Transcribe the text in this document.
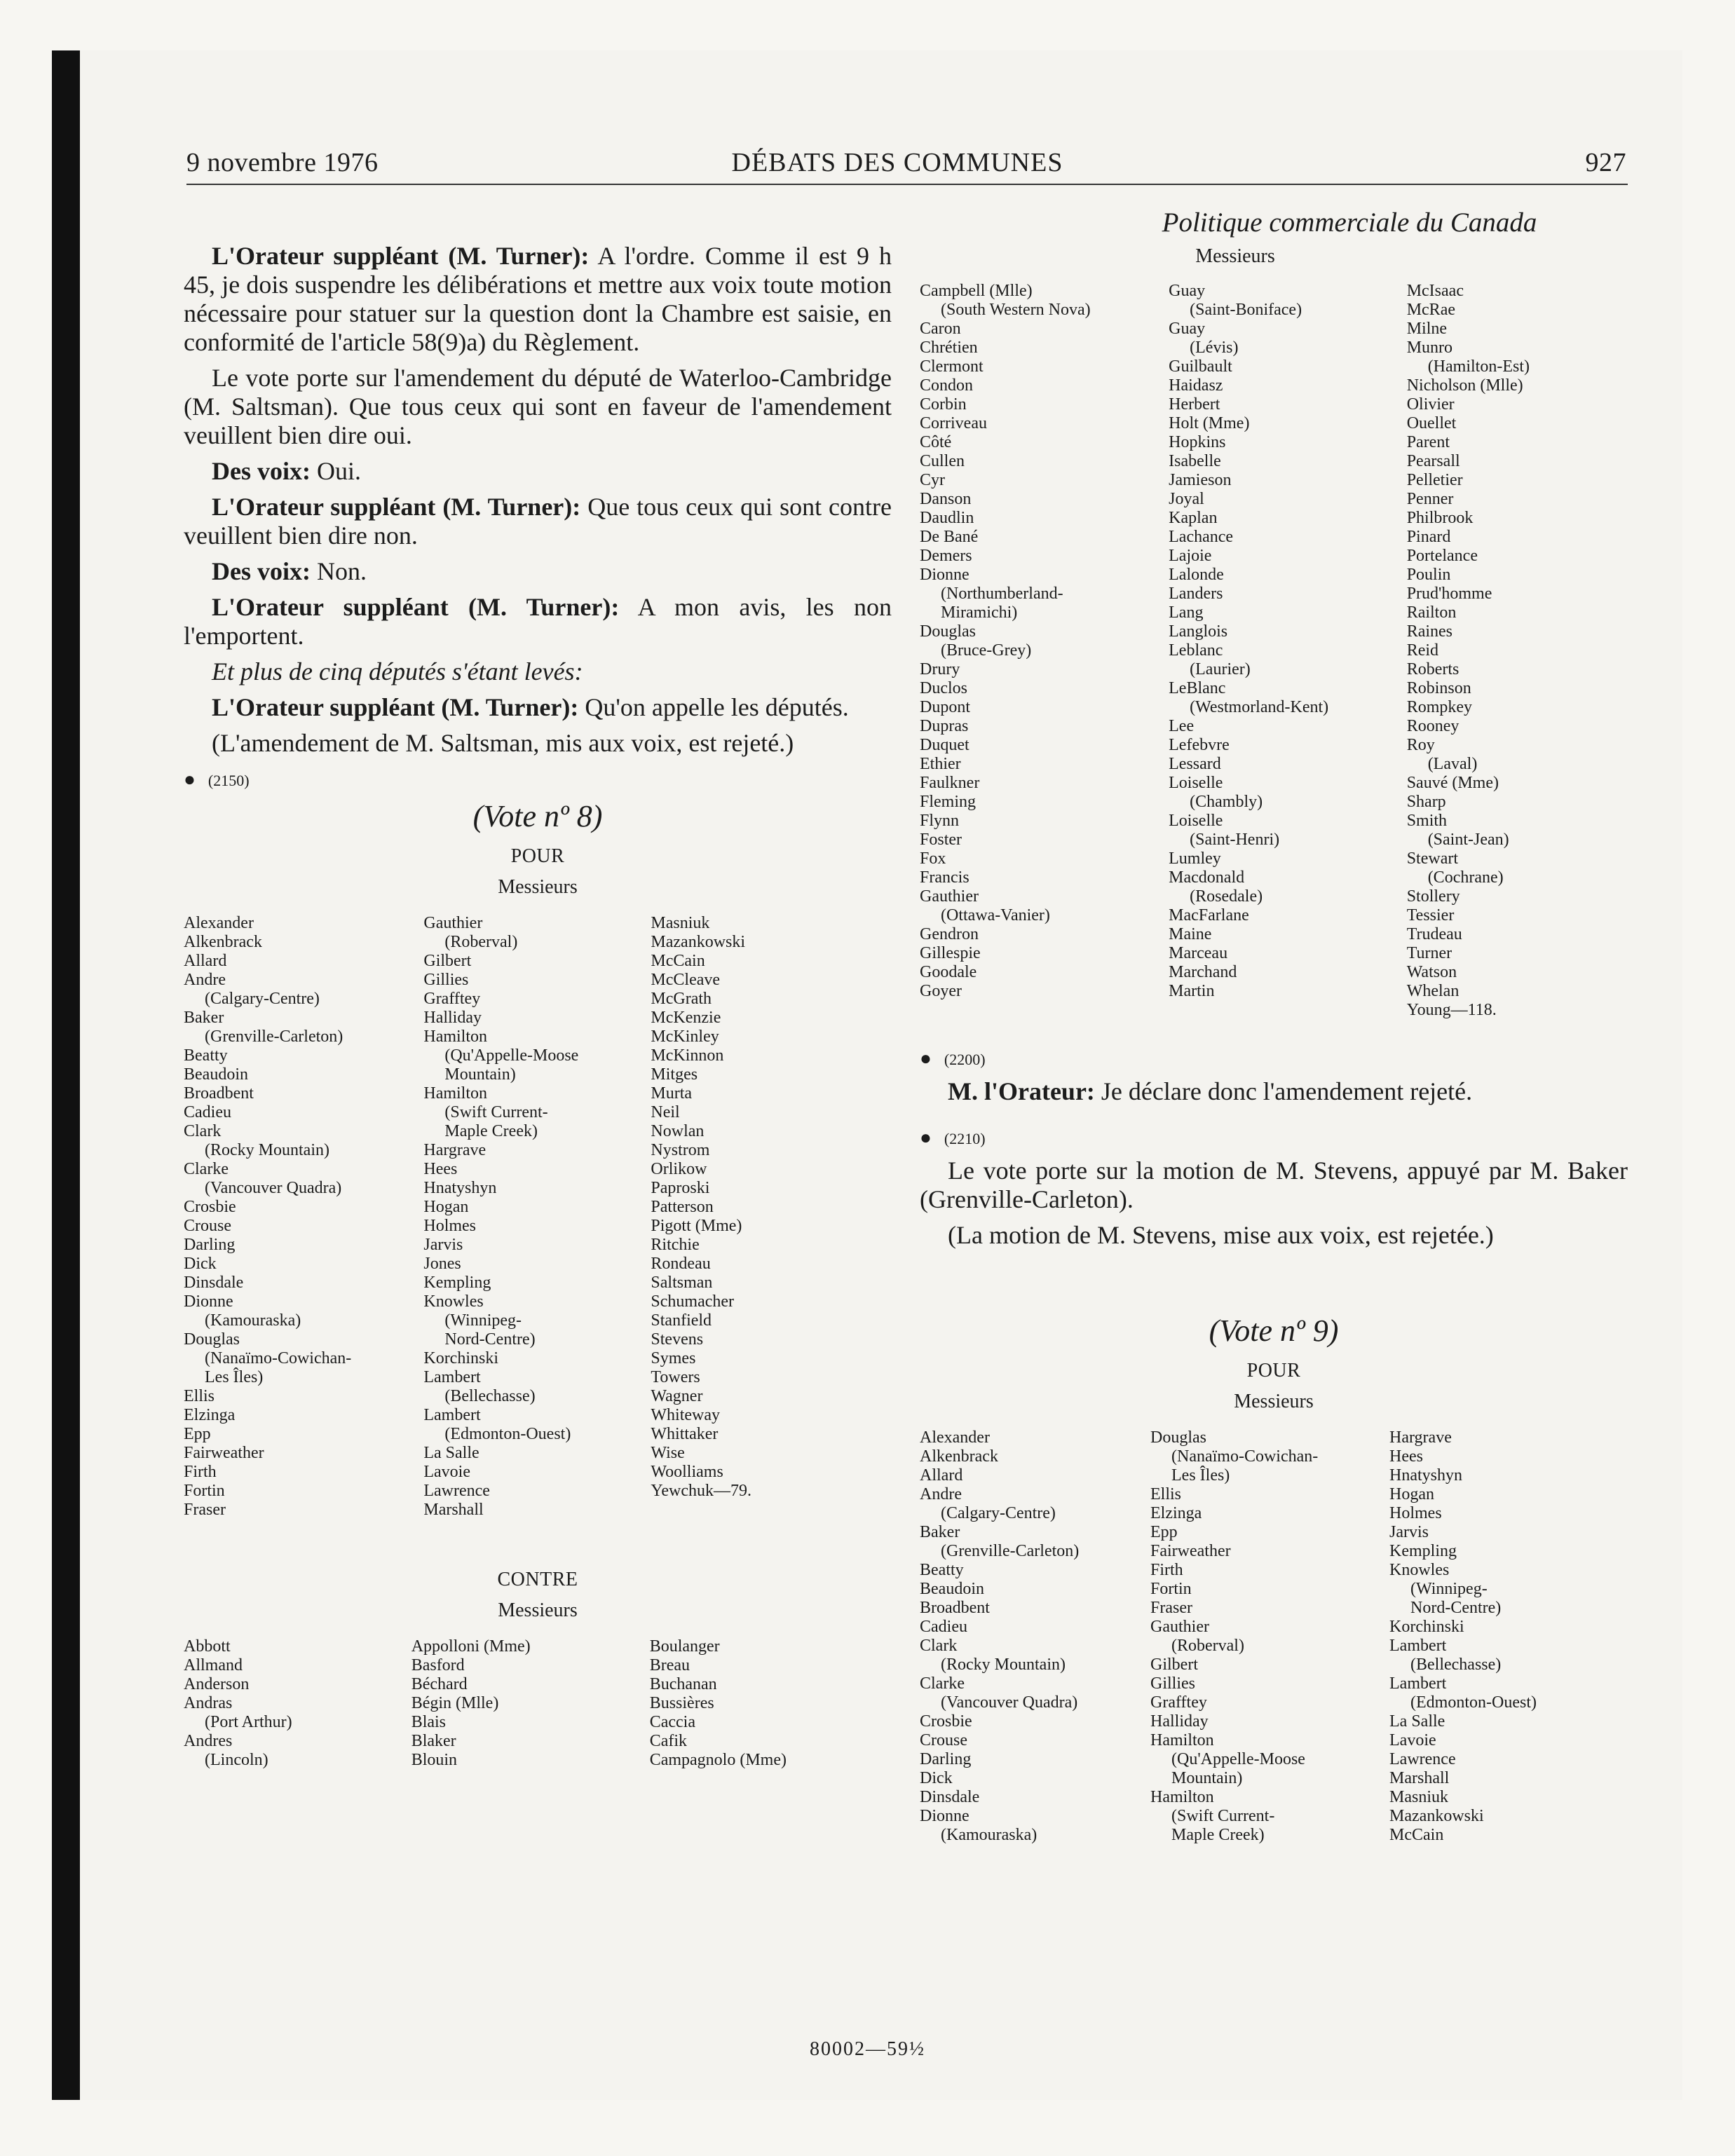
9 novembre 1976	DÉBATS DES COMMUNES	927
Politique commerciale du Canada

L'Orateur suppléant (M. Turner): A l'ordre. Comme il est 9 h 45, je dois suspendre les délibérations et mettre aux voix toute motion nécessaire pour statuer sur la question dont la Chambre est saisie, en conformité de l'article 58(9)a) du Règlement.

Le vote porte sur l'amendement du député de Waterloo-Cambridge (M. Saltsman). Que tous ceux qui sont en faveur de l'amendement veuillent bien dire oui.

Des voix: Oui.

L'Orateur suppléant (M. Turner): Que tous ceux qui sont contre veuillent bien dire non.

Des voix: Non.

L'Orateur suppléant (M. Turner): A mon avis, les non l'emportent.

Et plus de cinq députés s'étant levés:

L'Orateur suppléant (M. Turner): Qu'on appelle les députés.

(L'amendement de M. Saltsman, mis aux voix, est rejeté.)

● (2150)
(Vote nº 8)
POUR
Messieurs
Alexander
Alkenbrack
Allard
Andre
(Calgary-Centre)
Baker
(Grenville-Carleton)
Beatty
Beaudoin
Broadbent
Cadieu
Clark
(Rocky Mountain)
Clarke
(Vancouver Quadra)
Crosbie
Crouse
Darling
Dick
Dinsdale
Dionne
(Kamouraska)
Douglas
(Nanaïmo-Cowichan-
Les Îles)
Ellis
Elzinga
Epp
Fairweather
Firth
Fortin
Fraser
Gauthier
(Roberval)
Gilbert
Gillies
Grafftey
Halliday
Hamilton
(Qu'Appelle-Moose
Mountain)
Hamilton
(Swift Current-
Maple Creek)
Hargrave
Hees
Hnatyshyn
Hogan
Holmes
Jarvis
Jones
Kempling
Knowles
(Winnipeg-
Nord-Centre)
Korchinski
Lambert
(Bellechasse)
Lambert
(Edmonton-Ouest)
La Salle
Lavoie
Lawrence
Marshall
Masniuk
Mazankowski
McCain
McCleave
McGrath
McKenzie
McKinley
McKinnon
Mitges
Murta
Neil
Nowlan
Nystrom
Orlikow
Paproski
Patterson
Pigott (Mme)
Ritchie
Rondeau
Saltsman
Schumacher
Stanfield
Stevens
Symes
Towers
Wagner
Whiteway
Whittaker
Wise
Woolliams
Yewchuk—79.
CONTRE
Messieurs
Abbott
Allmand
Anderson
Andras
(Port Arthur)
Andres
(Lincoln)
Appolloni (Mme)
Basford
Béchard
Bégin (Mlle)
Blais
Blaker
Blouin
Boulanger
Breau
Buchanan
Bussières
Caccia
Cafik
Campagnolo (Mme)
Messieurs
Campbell (Mlle)
(South Western Nova)
Caron
Chrétien
Clermont
Condon
Corbin
Corriveau
Côté
Cullen
Cyr
Danson
Daudlin
De Bané
Demers
Dionne
(Northumberland-
Miramichi)
Douglas
(Bruce-Grey)
Drury
Duclos
Dupont
Dupras
Duquet
Ethier
Faulkner
Fleming
Flynn
Foster
Fox
Francis
Gauthier
(Ottawa-Vanier)
Gendron
Gillespie
Goodale
Goyer
Guay
(Saint-Boniface)
Guay
(Lévis)
Guilbault
Haidasz
Herbert
Holt (Mme)
Hopkins
Isabelle
Jamieson
Joyal
Kaplan
Lachance
Lajoie
Lalonde
Landers
Lang
Langlois
Leblanc
(Laurier)
LeBlanc
(Westmorland-Kent)
Lee
Lefebvre
Lessard
Loiselle
(Chambly)
Loiselle
(Saint-Henri)
Lumley
Macdonald
(Rosedale)
MacFarlane
Maine
Marceau
Marchand
Martin
McIsaac
McRae
Milne
Munro
(Hamilton-Est)
Nicholson (Mlle)
Olivier
Ouellet
Parent
Pearsall
Pelletier
Penner
Philbrook
Pinard
Portelance
Poulin
Prud'homme
Railton
Raines
Reid
Roberts
Robinson
Rompkey
Rooney
Roy
(Laval)
Sauvé (Mme)
Sharp
Smith
(Saint-Jean)
Stewart
(Cochrane)
Stollery
Tessier
Trudeau
Turner
Watson
Whelan
Young—118.
● (2200)

M. l'Orateur: Je déclare donc l'amendement rejeté.

● (2210)

Le vote porte sur la motion de M. Stevens, appuyé par M. Baker (Grenville-Carleton).

(La motion de M. Stevens, mise aux voix, est rejetée.)

(Vote nº 9)
POUR
Messieurs
Alexander
Alkenbrack
Allard
Andre
(Calgary-Centre)
Baker
(Grenville-Carleton)
Beatty
Beaudoin
Broadbent
Cadieu
Clark
(Rocky Mountain)
Clarke
(Vancouver Quadra)
Crosbie
Crouse
Darling
Dick
Dinsdale
Dionne
(Kamouraska)
Douglas
(Nanaïmo-Cowichan-
Les Îles)
Ellis
Elzinga
Epp
Fairweather
Firth
Fortin
Fraser
Gauthier
(Roberval)
Gilbert
Gillies
Grafftey
Halliday
Hamilton
(Qu'Appelle-Moose
Mountain)
Hamilton
(Swift Current-
Maple Creek)
Hargrave
Hees
Hnatyshyn
Hogan
Holmes
Jarvis
Kempling
Knowles
(Winnipeg-
Nord-Centre)
Korchinski
Lambert
(Bellechasse)
Lambert
(Edmonton-Ouest)
La Salle
Lavoie
Lawrence
Marshall
Masniuk
Mazankowski
McCain
80002—59½
